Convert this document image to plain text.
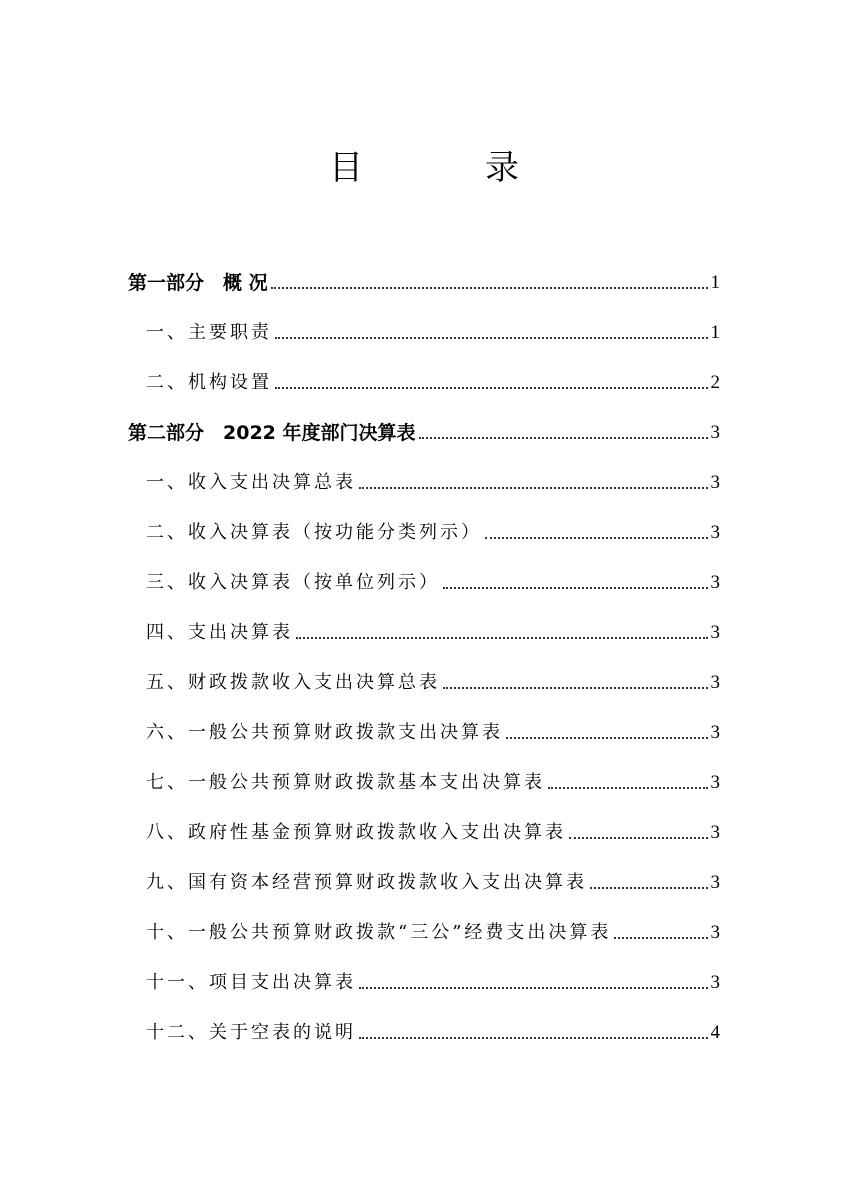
目　录
第一部分　概 况	1
一、主要职责	1
二、机构设置	2
第二部分　2022 年度部门决算表	3
一、收入支出决算总表	3
二、收入决算表（按功能分类列示）	3
三、收入决算表（按单位列示）	3
四、支出决算表	3
五、财政拨款收入支出决算总表	3
六、一般公共预算财政拨款支出决算表	3
七、一般公共预算财政拨款基本支出决算表	3
八、政府性基金预算财政拨款收入支出决算表	3
九、国有资本经营预算财政拨款收入支出决算表	3
十、一般公共预算财政拨款“三公”经费支出决算表	3
十一、项目支出决算表	3
十二、关于空表的说明	4
